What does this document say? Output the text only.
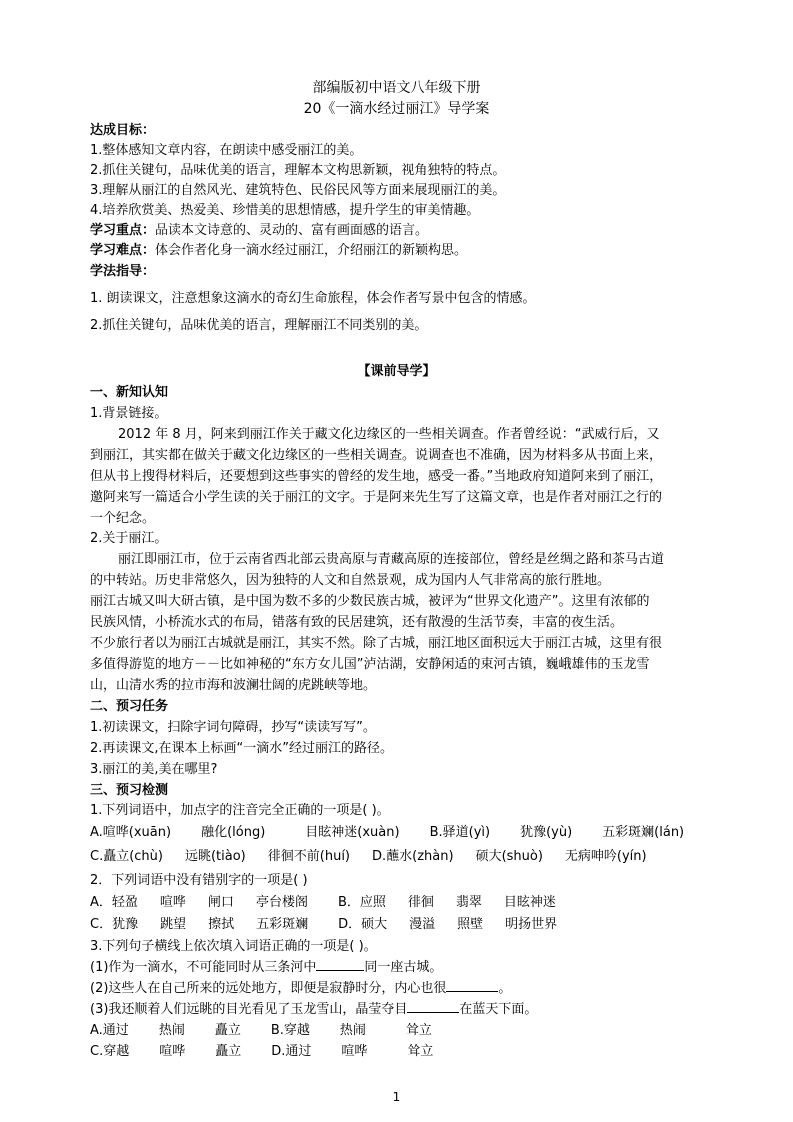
部编版初中语文八年级下册
20《一滴水经过丽江》导学案
达成目标：
1.整体感知文章内容，在朗读中感受丽江的美。
2.抓住关键句，品味优美的语言，理解本文构思新颖，视角独特的特点。
3.理解从丽江的自然风光、建筑特色、民俗民风等方面来展现丽江的美。
4.培养欣赏美、热爱美、珍惜美的思想情感，提升学生的审美情趣。
学习重点：品读本文诗意的、灵动的、富有画面感的语言。
学习难点：体会作者化身一滴水经过丽江，介绍丽江的新颖构思。
学法指导：
1. 朗读课文，注意想象这滴水的奇幻生命旅程，体会作者写景中包含的情感。
2.抓住关键句，品味优美的语言，理解丽江不同类别的美。
【课前导学】
一、新知认知
1.背景链接。
2012 年 8 月，阿来到丽江作关于藏文化边缘区的一些相关调查。作者曾经说：“武威行后，又
到丽江，其实都在做关于藏文化边缘区的一些相关调查。说调查也不准确，因为材料多从书面上来，
但从书上搜得材料后，还要想到这些事实的曾经的发生地，感受一番。”当地政府知道阿来到了丽江，
邀阿来写一篇适合小学生读的关于丽江的文字。于是阿来先生写了这篇文章，也是作者对丽江之行的
一个纪念。
2.关于丽江。
丽江即丽江市，位于云南省西北部云贵高原与青藏高原的连接部位，曾经是丝绸之路和茶马古道
的中转站。历史非常悠久，因为独特的人文和自然景观，成为国内人气非常高的旅行胜地。
丽江古城又叫大研古镇，是中国为数不多的少数民族古城，被评为“世界文化遗产”。这里有浓郁的
民族风情，小桥流水式的布局，错落有致的民居建筑，还有散漫的生活节奏，丰富的夜生活。
不少旅行者以为丽江古城就是丽江，其实不然。除了古城，丽江地区面积远大于丽江古城，这里有很
多值得游览的地方－－比如神秘的“东方女儿国”泸沽湖，安静闲适的束河古镇，巍峨雄伟的玉龙雪
山，山清水秀的拉市海和波澜壮阔的虎跳峡等地。
二、预习任务
1.初读课文，扫除字词句障碍，抄写“读读写写”。
2.再读课文,在课本上标画“一滴水”经过丽江的路径。
3.丽江的美,美在哪里?
三、预习检测
1.下列词语中，加点字的注音完全正确的一项是( )。
A.喧哗(xuān) 融化(lóng)	目眩神迷(xuàn) B.驿道(yì) 犹豫(yù) 五彩斑斓(lán)
C.矗立(chù) 远眺(tiào) 徘徊不前(huí) D.蘸水(zhàn) 硕大(shuò) 无病呻吟(yín)
2．下列词语中没有错别字的一项是( )
A．轻盈 喧哗 闸口 亭台楼阁 B．应照 徘徊 翡翠 目眩神迷
C．犹豫 跳望 擦拭 五彩斑斓 D．硕大 漫溢 照壁 明扬世界
3.下列句子横线上依次填入词语正确的一项是( )。
(1)作为一滴水，不可能同时从三条河中	同一座古城。
(2)这些人在自己所来的远处地方，即便是寂静时分，内心也很	。
(3)我还顺着人们远眺的目光看见了玉龙雪山，晶莹夺目	在蓝天下面。
A.通过 热闹 矗立 B.穿越 热闹	耸立
C.穿越 喧哗 矗立 D.通过 喧哗	耸立
1
